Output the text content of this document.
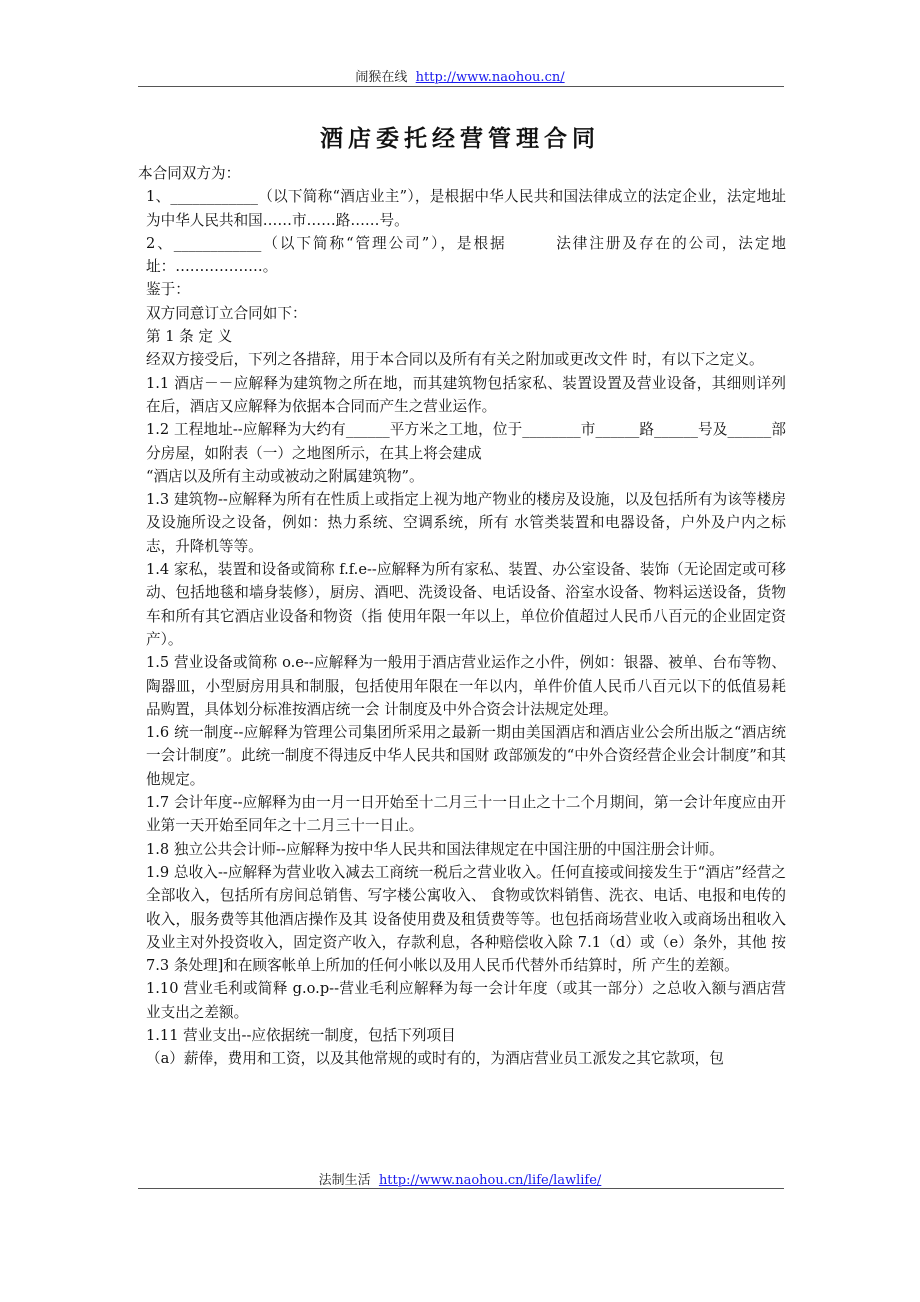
闹猴在线 http://www.naohou.cn/
酒店委托经营管理合同

本合同双方为：

1、____________（以下简称“酒店业主”），是根据中华人民共和国法律成立的法定企业，法定地址为中华人民共和国……市……路……号。

2、____________（以下简称“管理公司”），是根据　　　法律注册及存在的公司，法定地址：………………。

鉴于：

双方同意订立合同如下：

第 1 条 定 义

经双方接受后，下列之各措辞，用于本合同以及所有有关之附加或更改文件 时，有以下之定义。

1.1 酒店－－应解释为建筑物之所在地，而其建筑物包括家私、装置设置及营业设备，其细则详列在后，酒店又应解释为依据本合同而产生之营业运作。

1.2 工程地址--应解释为大约有______平方米之工地，位于________市______路______号及______部分房屋，如附表（一）之地图所示，在其上将会建成

“酒店以及所有主动或被动之附属建筑物”。

1.3 建筑物--应解释为所有在性质上或指定上视为地产物业的楼房及设施，以及包括所有为该等楼房及设施所设之设备，例如：热力系统、空调系统，所有 水管类装置和电器设备，户外及户内之标志，升降机等等。

1.4 家私，装置和设备或简称 f.f.e--应解释为所有家私、装置、办公室设备、装饰（无论固定或可移动、包括地毯和墙身装修），厨房、酒吧、洗烫设备、电话设备、浴室水设备、物料运送设备，货物车和所有其它酒店业设备和物资（指 使用年限一年以上，单位价值超过人民币八百元的企业固定资产）。

1.5 营业设备或简称 o.e--应解释为一般用于酒店营业运作之小件，例如：银器、被单、台布等物、陶器皿，小型厨房用具和制服，包括使用年限在一年以内，单件价值人民币八百元以下的低值易耗品购置，具体划分标准按酒店统一会 计制度及中外合资会计法规定处理。

1.6 统一制度--应解释为管理公司集团所采用之最新一期由美国酒店和酒店业公会所出版之“酒店统一会计制度”。此统一制度不得违反中华人民共和国财 政部颁发的“中外合资经营企业会计制度”和其他规定。

1.7 会计年度--应解释为由一月一日开始至十二月三十一日止之十二个月期间，第一会计年度应由开业第一天开始至同年之十二月三十一日止。

1.8 独立公共会计师--应解释为按中华人民共和国法律规定在中国注册的中国注册会计师。

1.9 总收入--应解释为营业收入减去工商统一税后之营业收入。任何直接或间接发生于“酒店”经营之全部收入，包括所有房间总销售、写字楼公寓收入、 食物或饮料销售、洗衣、电话、电报和电传的收入，服务费等其他酒店操作及其 设备使用费及租赁费等等。也包括商场营业收入或商场出租收入及业主对外投资收入，固定资产收入，存款利息，各种赔偿收入除 7.1（d）或（e）条外，其他 按 7.3 条处理]和在顾客帐单上所加的任何小帐以及用人民币代替外币结算时，所 产生的差额。

1.10 营业毛利或简释 g.o.p--营业毛利应解释为每一会计年度（或其一部分）之总收入额与酒店营业支出之差额。

1.11 营业支出--应依据统一制度，包括下列项目

（a）薪俸，费用和工资，以及其他常规的或时有的，为酒店营业员工派发之其它款项，包

法制生活 http://www.naohou.cn/life/lawlife/
